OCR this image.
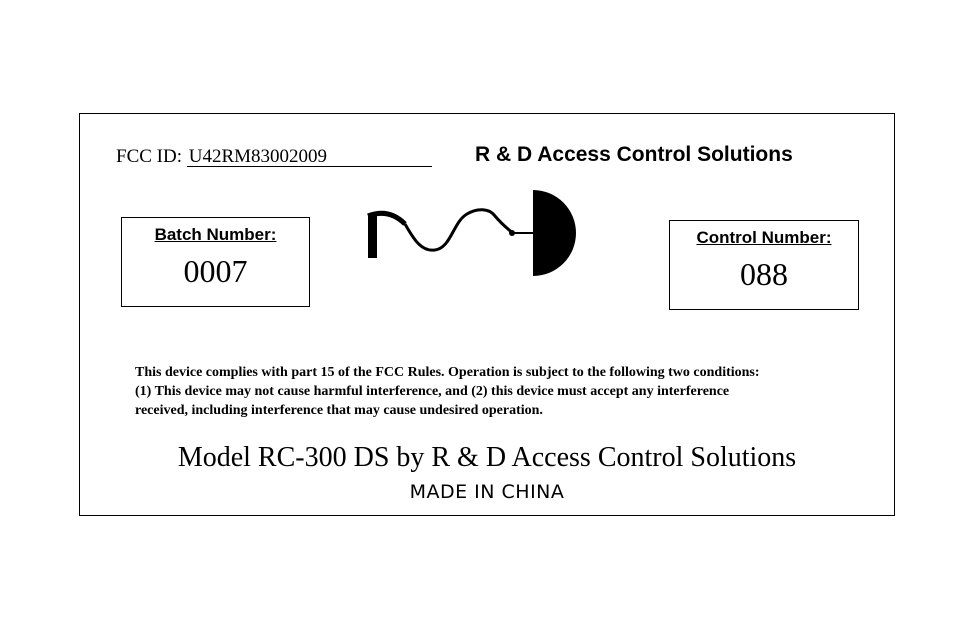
FCC ID: U42RM83002009	R & D Access Control Solutions
Batch Number:
0007
Control Number:
088
This device complies with part 15 of the FCC Rules. Operation is subject to the following two conditions:
(1) This device may not cause harmful interference, and (2) this device must accept any interference
received, including interference that may cause undesired operation.
Model RC-300 DS by R & D Access Control Solutions
MADE IN CHINA
